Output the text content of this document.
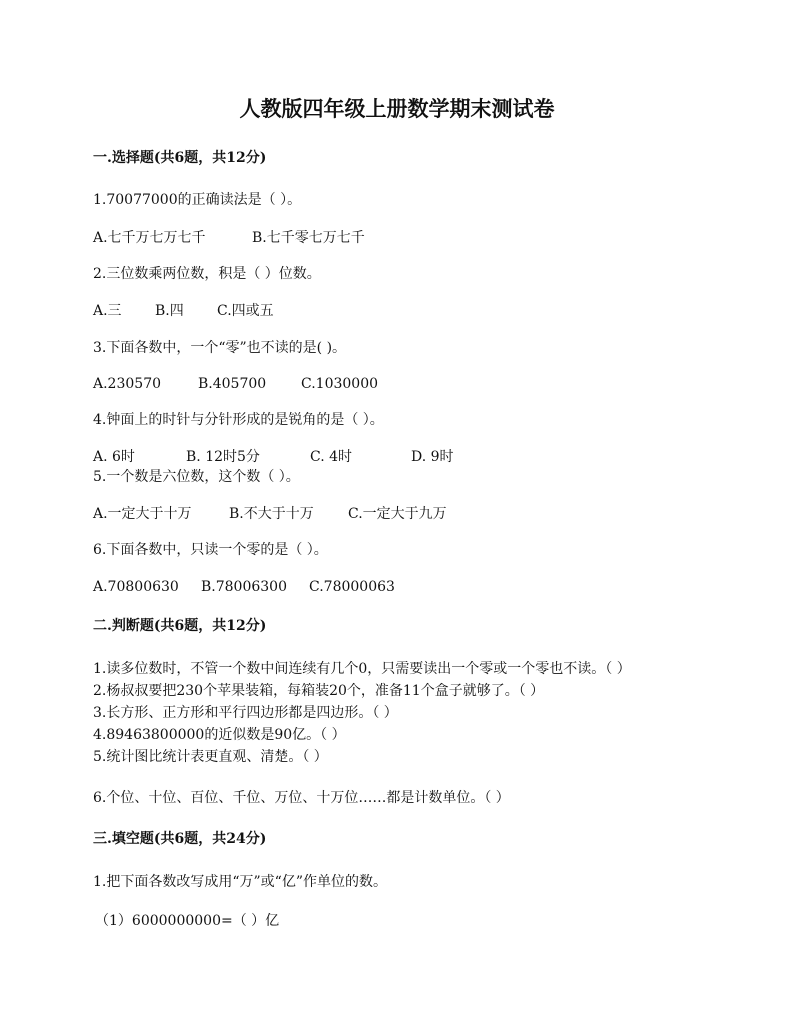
人教版四年级上册数学期末测试卷
一.选择题(共6题，共12分)
1.70077000的正确读法是（ ）。
A.七千万七万七千	B.七千零七万七千
2.三位数乘两位数，积是（ ）位数。
A.三 B.四 C.四或五
3.下面各数中，一个“零”也不读的是( )。
A.230570	B.405700 C.1030000
4.钟面上的时针与分针形成的是锐角的是（ ）。
A. 6时	B. 12时5分	C. 4时	D. 9时
5.一个数是六位数，这个数（ ）。
A.一定大于十万	B.不大于十万 C.一定大于九万
6.下面各数中，只读一个零的是（ ）。
A.70800630 B.78006300 C.78000063
二.判断题(共6题，共12分)
1.读多位数时，不管一个数中间连续有几个0，只需要读出一个零或一个零也不读。（ ）
2.杨叔叔要把230个苹果装箱，每箱装20个，准备11个盒子就够了。（ ）
3.长方形、正方形和平行四边形都是四边形。（ ）
4.89463800000的近似数是90亿。（ ）
5.统计图比统计表更直观、清楚。（ ）
6.个位、十位、百位、千位、万位、十万位……都是计数单位。（ ）
三.填空题(共6题，共24分)
1.把下面各数改写成用“万”或“亿”作单位的数。
（1）6000000000=（ ）亿
